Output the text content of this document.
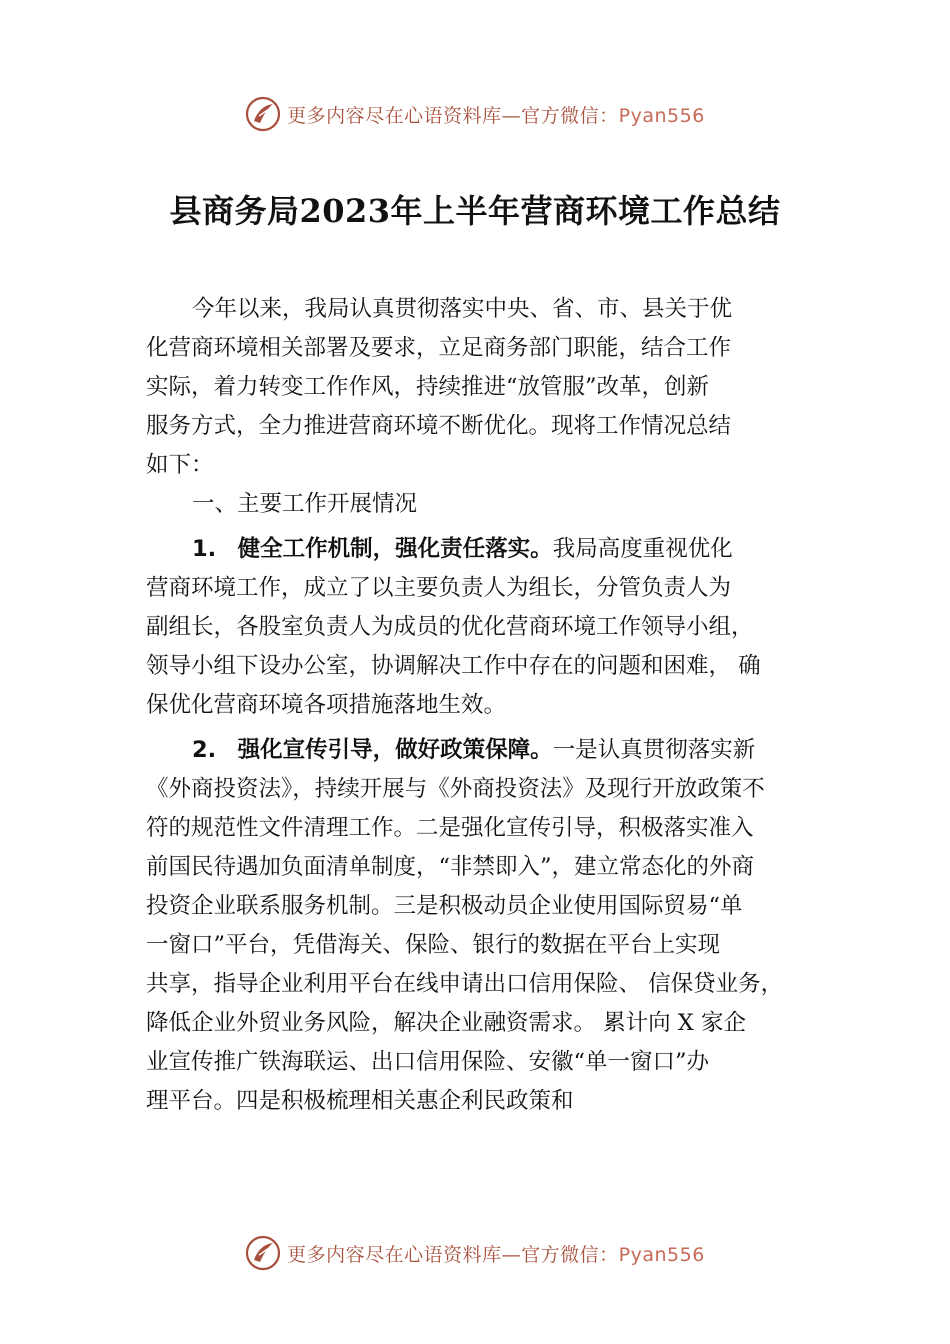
更多内容尽在心语资料库—官方微信：Pyan556
县商务局2023年上半年营商环境工作总结
今年以来，我局认真贯彻落实中央、省、市、县关于优
化营商环境相关部署及要求，立足商务部门职能，结合工作
实际，着力转变工作作风，持续推进“放管服”改革，创新
服务方式，全力推进营商环境不断优化。现将工作情况总结
如下：
一、主要工作开展情况
1. 健全工作机制，强化责任落实。我局高度重视优化
营商环境工作，成立了以主要负责人为组长，分管负责人为
副组长，各股室负责人为成员的优化营商环境工作领导小组，
领导小组下设办公室，协调解决工作中存在的问题和困难， 确
保优化营商环境各项措施落地生效。
2. 强化宣传引导，做好政策保障。一是认真贯彻落实新
《外商投资法》，持续开展与《外商投资法》及现行开放政策不
符的规范性文件清理工作。二是强化宣传引导，积极落实准入
前国民待遇加负面清单制度，“非禁即入”，建立常态化的外商
投资企业联系服务机制。三是积极动员企业使用国际贸易“单
一窗口”平台，凭借海关、保险、银行的数据在平台上实现
共享，指导企业利用平台在线申请出口信用保险、 信保贷业务，
降低企业外贸业务风险，解决企业融资需求。 累计向 X 家企
业宣传推广铁海联运、出口信用保险、安徽“单一窗口”办
理平台。四是积极梳理相关惠企利民政策和
更多内容尽在心语资料库—官方微信：Pyan556
